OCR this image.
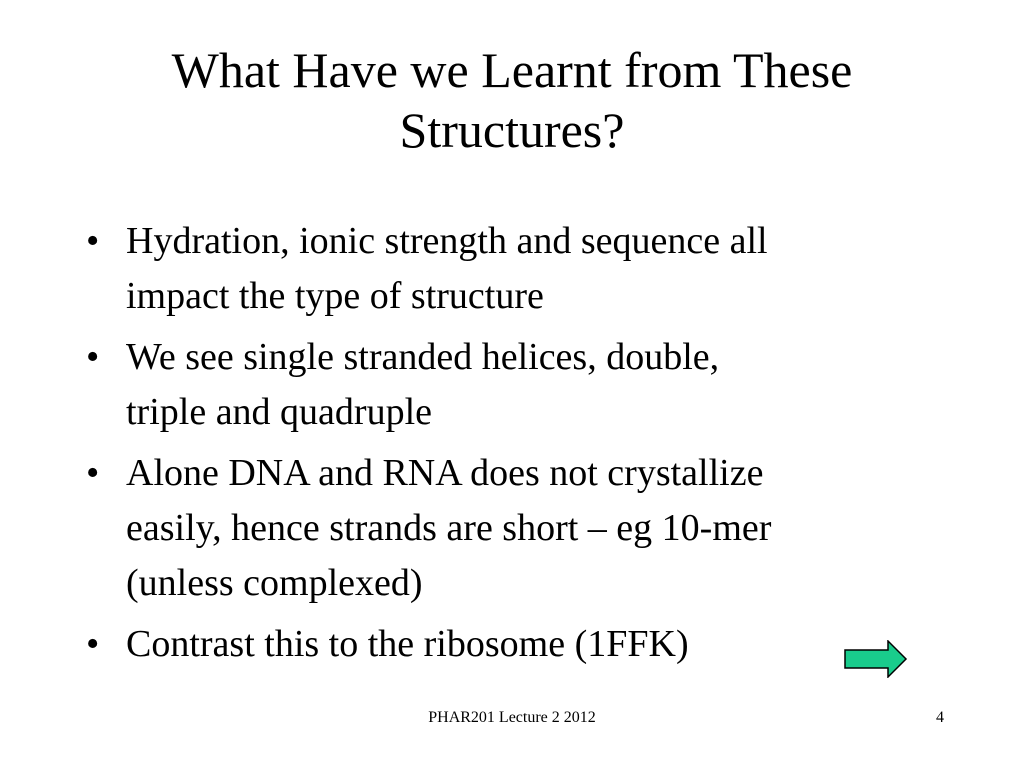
What Have we Learnt from These
Structures?
• Hydration, ionic strength and sequence all
impact the type of structure
• We see single stranded helices, double,
triple and quadruple
• Alone DNA and RNA does not crystallize
easily, hence strands are short – eg 10-mer
(unless complexed)
• Contrast this to the ribosome (1FFK)
PHAR201 Lecture 2 2012	4
